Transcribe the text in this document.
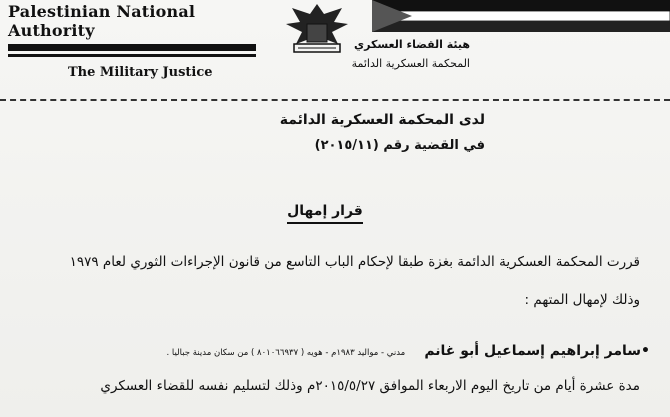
Palestinian National Authority
The Military Justice
هيئة القضاء العسكري
المحكمة العسكرية الدائمة
لدى المحكمة العسكرية الدائمة
في القضية رقم (٢٠١٥/١١)
قرار إمهال
قررت المحكمة العسكرية الدائمة بغزة طبقا لإحكام الباب التاسع من قانون الإجراءات الثوري لعام ١٩٧٩
وذلك لإمهال المتهم :
•سامر إبراهيم إسماعيل أبو غانم مدني - مواليد ١٩٨٣م - هويه ( ٨٠١٠٦٦٩٣٧ ) من سكان مدينة جباليا .
مدة عشرة أيام من تاريخ اليوم الاربعاء الموافق ٢٠١٥/٥/٢٧م وذلك لتسليم نفسه للقضاء العسكري
